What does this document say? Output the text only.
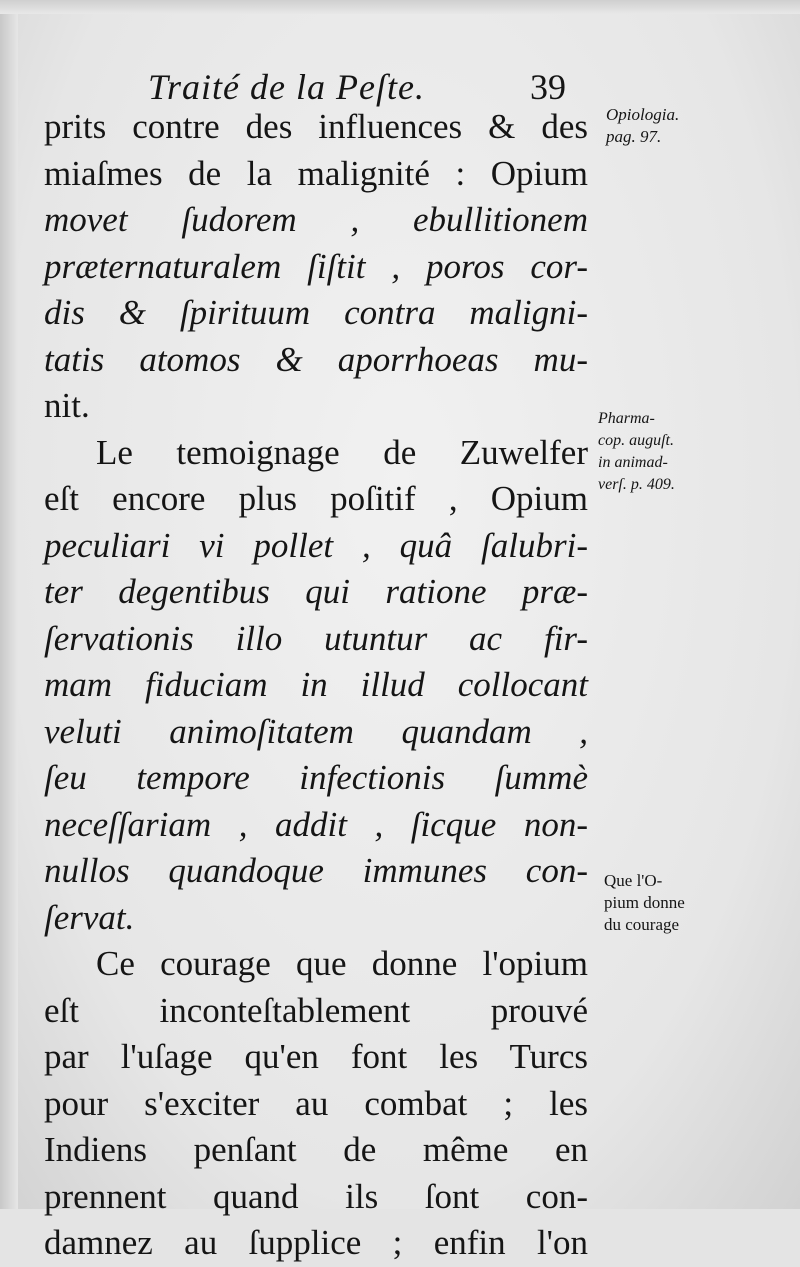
Traité de la Peſte.	39
prits contre des influences & des
miaſmes de la malignité : Opium
movet ſudorem , ebullitionem
præternaturalem ſiſtit , poros cor-
dis & ſpirituum contra maligni-
tatis atomos & aporrhoeas mu-
nit.
Le temoignage de Zuwelfer
eſt encore plus poſitif , Opium
peculiari vi pollet , quâ ſalubri-
ter degentibus qui ratione præ-
ſervationis illo utuntur ac fir-
mam fiduciam in illud collocant
veluti animoſitatem quandam ,
ſeu tempore infectionis ſummè
neceſſariam , addit , ſicque non-
nullos quandoque immunes con-
ſervat.
Ce courage que donne l'opium
eſt inconteſtablement prouvé
par l'uſage qu'en font les Turcs
pour s'exciter au combat ; les
Indiens penſant de même en
prennent quand ils ſont con-
damnez au ſupplice ; enfin l'on
Opiologia.
pag. 97.
Pharma-
cop. auguſt.
in animad-
verſ. p. 409.
Que l'O-
pium donne
du courage
